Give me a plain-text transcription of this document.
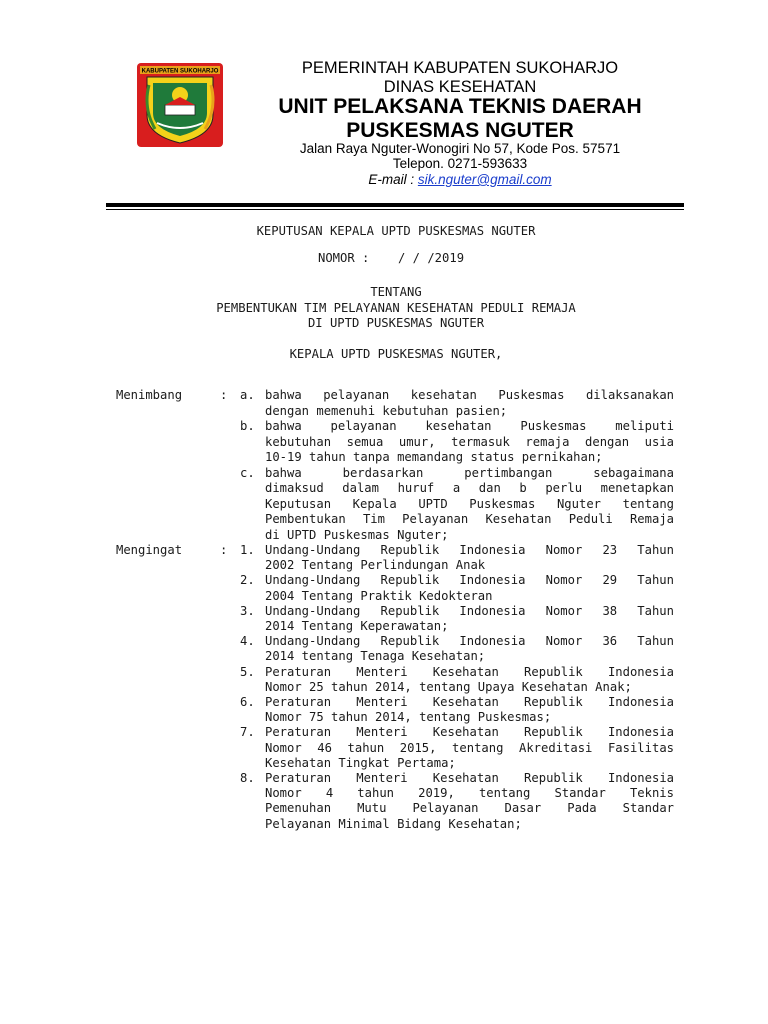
KABUPATEN SUKOHARJO	PEMERINTAH KABUPATEN SUKOHARJO
DINAS KESEHATAN
UNIT PELAKSANA TEKNIS DAERAH
PUSKESMAS NGUTER
Jalan Raya Nguter-Wonogiri No 57, Kode Pos. 57571
Telepon. 0271-593633
E-mail : sik.nguter@gmail.com
KEPUTUSAN KEPALA UPTD PUSKESMAS NGUTER
NOMOR : / / /2019
TENTANG
PEMBENTUKAN TIM PELAYANAN KESEHATAN PEDULI REMAJA
DI UPTD PUSKESMAS NGUTER
KEPALA UPTD PUSKESMAS NGUTER,
Menimbang	: a. bahwa pelayanan kesehatan Puskesmas dilaksanakan
dengan memenuhi kebutuhan pasien;
b. bahwa pelayanan kesehatan Puskesmas meliputi
kebutuhan semua umur, termasuk remaja dengan usia
10-19 tahun tanpa memandang status pernikahan;
c. bahwa berdasarkan pertimbangan sebagaimana
dimaksud dalam huruf a dan b perlu menetapkan
Keputusan Kepala UPTD Puskesmas Nguter tentang
Pembentukan Tim Pelayanan Kesehatan Peduli Remaja
di UPTD Puskesmas Nguter;
Mengingat	: 1. Undang-Undang Republik Indonesia Nomor 23 Tahun
2002 Tentang Perlindungan Anak
2. Undang-Undang Republik Indonesia Nomor 29 Tahun
2004 Tentang Praktik Kedokteran
3. Undang-Undang Republik Indonesia Nomor 38 Tahun
2014 Tentang Keperawatan;
4. Undang-Undang Republik Indonesia Nomor 36 Tahun
2014 tentang Tenaga Kesehatan;
5. Peraturan Menteri Kesehatan Republik Indonesia
Nomor 25 tahun 2014, tentang Upaya Kesehatan Anak;
6. Peraturan Menteri Kesehatan Republik Indonesia
Nomor 75 tahun 2014, tentang Puskesmas;
7. Peraturan Menteri Kesehatan Republik Indonesia
Nomor 46 tahun 2015, tentang Akreditasi Fasilitas
Kesehatan Tingkat Pertama;
8. Peraturan Menteri Kesehatan Republik Indonesia
Nomor 4 tahun 2019, tentang Standar Teknis
Pemenuhan Mutu Pelayanan Dasar Pada Standar
Pelayanan Minimal Bidang Kesehatan;
